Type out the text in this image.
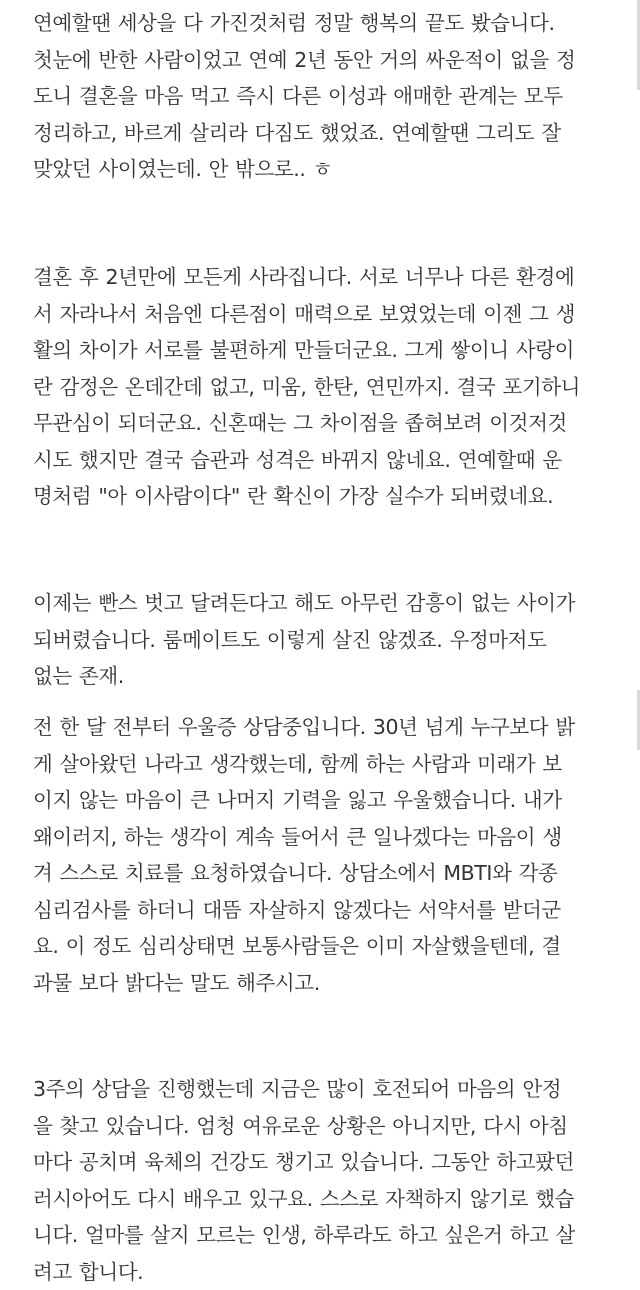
연예할땐 세상을 다 가진것처럼 정말 행복의 끝도 봤습니다.
첫눈에 반한 사람이었고 연예 2년 동안 거의 싸운적이 없을 정
도니 결혼을 마음 먹고 즉시 다른 이성과 애매한 관계는 모두
정리하고, 바르게 살리라 다짐도 했었죠. 연예할땐 그리도 잘
맞았던 사이였는데. 안 밖으로.. ㅎ
결혼 후 2년만에 모든게 사라집니다. 서로 너무나 다른 환경에
서 자라나서 처음엔 다른점이 매력으로 보였었는데 이젠 그 생
활의 차이가 서로를 불편하게 만들더군요. 그게 쌓이니 사랑이
란 감정은 온데간데 없고, 미움, 한탄, 연민까지. 결국 포기하니
무관심이 되더군요. 신혼때는 그 차이점을 좁혀보려 이것저것
시도 했지만 결국 습관과 성격은 바뀌지 않네요. 연예할때 운
명처럼 "아 이사람이다" 란 확신이 가장 실수가 되버렸네요.
이제는 빤스 벗고 달려든다고 해도 아무런 감흥이 없는 사이가
되버렸습니다. 룸메이트도 이렇게 살진 않겠죠. 우정마저도
없는 존재.
전 한 달 전부터 우울증 상담중입니다. 30년 넘게 누구보다 밝
게 살아왔던 나라고 생각했는데, 함께 하는 사람과 미래가 보
이지 않는 마음이 큰 나머지 기력을 잃고 우울했습니다. 내가
왜이러지, 하는 생각이 계속 들어서 큰 일나겠다는 마음이 생
겨 스스로 치료를 요청하였습니다. 상담소에서 MBTI와 각종
심리검사를 하더니 대뜸 자살하지 않겠다는 서약서를 받더군
요. 이 정도 심리상태면 보통사람들은 이미 자살했을텐데, 결
과물 보다 밝다는 말도 해주시고.
3주의 상담을 진행했는데 지금은 많이 호전되어 마음의 안정
을 찾고 있습니다. 엄청 여유로운 상황은 아니지만, 다시 아침
마다 공치며 육체의 건강도 챙기고 있습니다. 그동안 하고팠던
러시아어도 다시 배우고 있구요. 스스로 자책하지 않기로 했습
니다. 얼마를 살지 모르는 인생, 하루라도 하고 싶은거 하고 살
려고 합니다.
